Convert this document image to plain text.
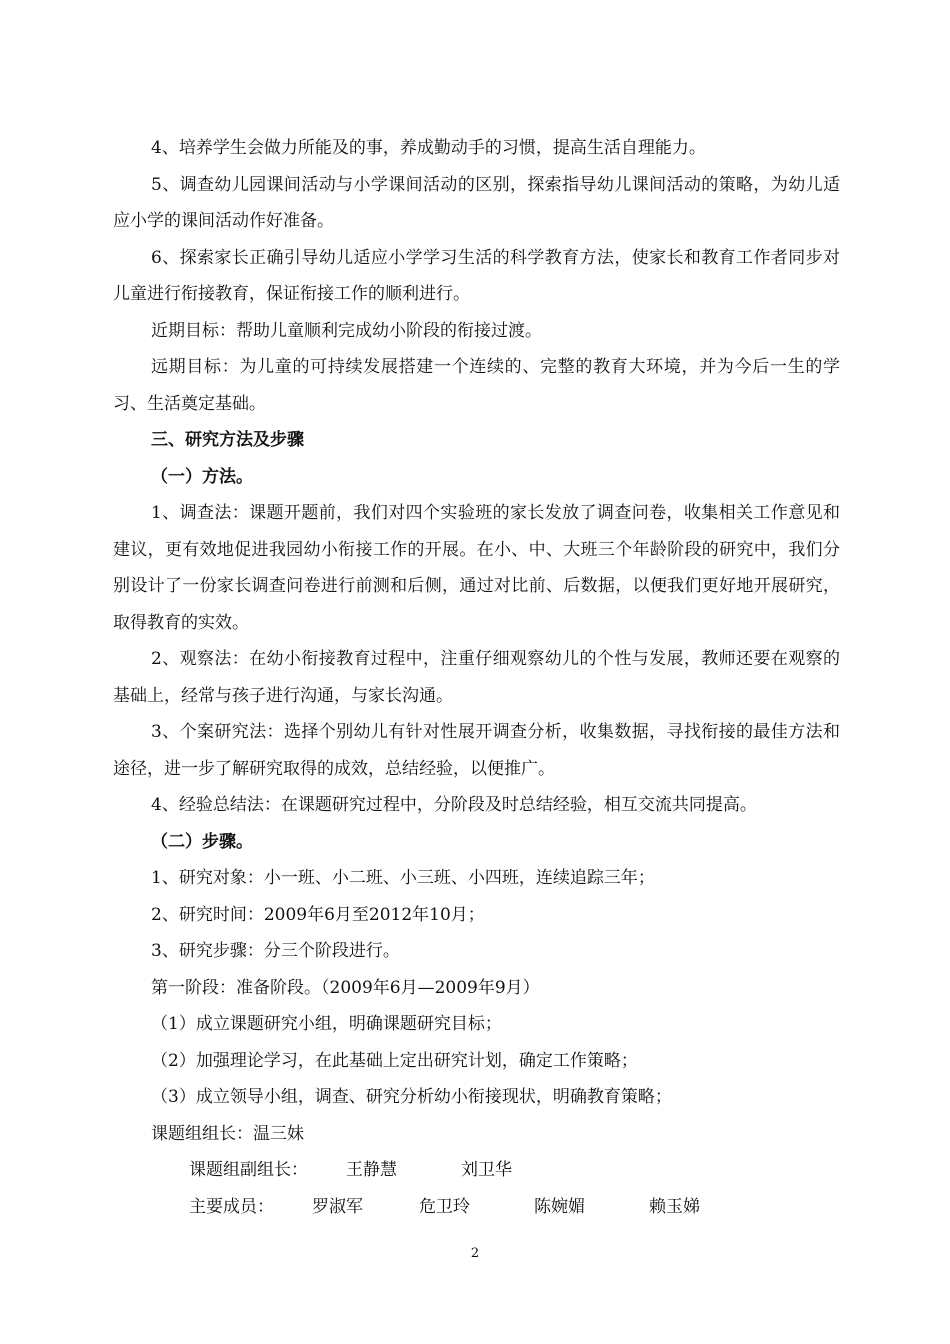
4、培养学生会做力所能及的事，养成勤动手的习惯，提高生活自理能力。

5、调查幼儿园课间活动与小学课间活动的区别，探索指导幼儿课间活动的策略，为幼儿适应小学的课间活动作好准备。

6、探索家长正确引导幼儿适应小学学习生活的科学教育方法，使家长和教育工作者同步对儿童进行衔接教育，保证衔接工作的顺利进行。

近期目标：帮助儿童顺利完成幼小阶段的衔接过渡。

远期目标：为儿童的可持续发展搭建一个连续的、完整的教育大环境，并为今后一生的学习、生活奠定基础。

三、研究方法及步骤

（一）方法。

1、调查法：课题开题前，我们对四个实验班的家长发放了调查问卷，收集相关工作意见和建议，更有效地促进我园幼小衔接工作的开展。在小、中、大班三个年龄阶段的研究中，我们分别设计了一份家长调查问卷进行前测和后侧，通过对比前、后数据，以便我们更好地开展研究，取得教育的实效。

2、观察法：在幼小衔接教育过程中，注重仔细观察幼儿的个性与发展，教师还要在观察的基础上，经常与孩子进行沟通，与家长沟通。

3、个案研究法：选择个别幼儿有针对性展开调查分析，收集数据，寻找衔接的最佳方法和途径，进一步了解研究取得的成效，总结经验，以便推广。

4、经验总结法：在课题研究过程中，分阶段及时总结经验，相互交流共同提高。

（二）步骤。

1、研究对象：小一班、小二班、小三班、小四班，连续追踪三年；

2、研究时间：2009年6月至2012年10月；

3、研究步骤：分三个阶段进行。

第一阶段：准备阶段。（2009年6月—2009年9月）

（1）成立课题研究小组，明确课题研究目标；

（2）加强理论学习，在此基础上定出研究计划，确定工作策略；

（3）成立领导小组，调查、研究分析幼小衔接现状，明确教育策略；

课题组组长：温三妹

课题组副组长： 王静慧	刘卫华

主要成员： 罗淑军	危卫玲	陈婉媚	赖玉娣

2
